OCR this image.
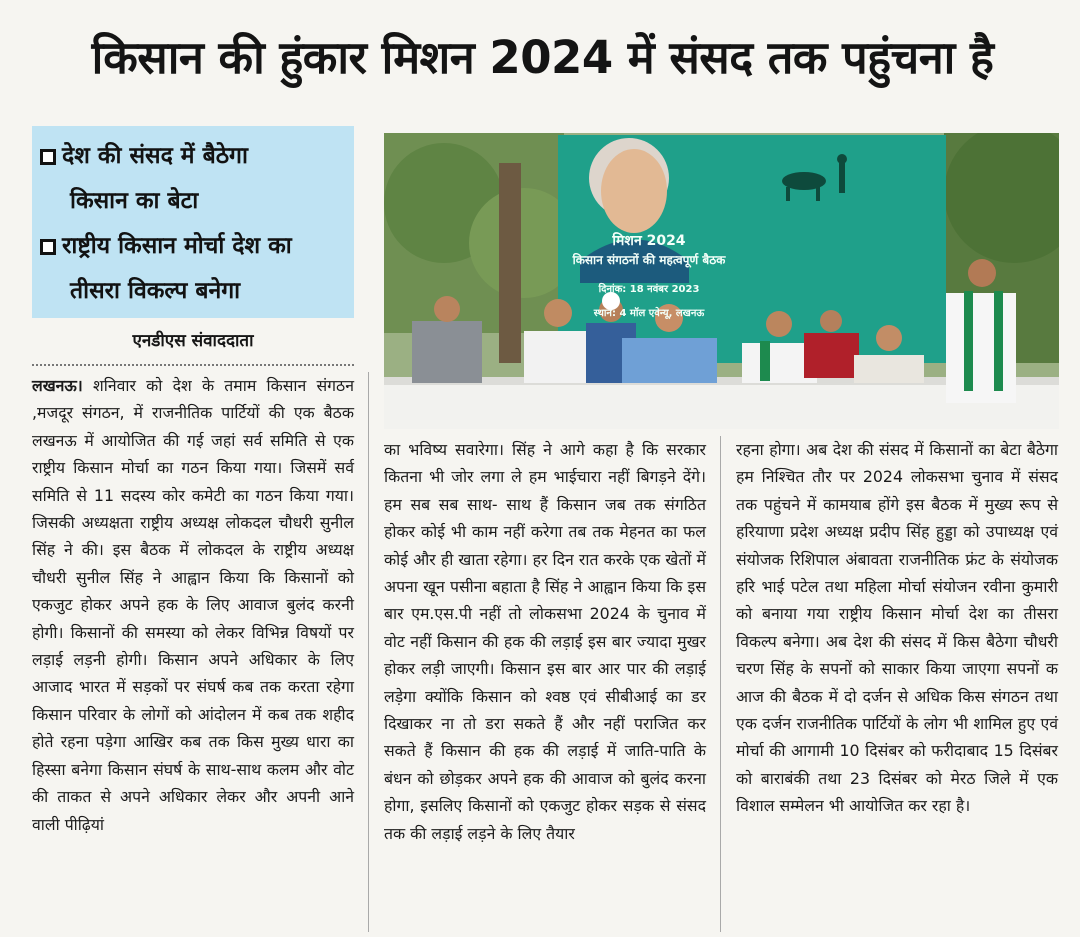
किसान की हुंकार मिशन 2024 में संसद तक पहुंचना है
देश की संसद में बैठेगा
किसान का बेटा
राष्ट्रीय किसान मोर्चा देश का
तीसरा विकल्प बनेगा
एनडीएस संवाददाता
मिशन 2024
किसान संगठनों की महत्वपूर्ण बैठक
दिनांक: 18 नवंबर 2023
स्थान: 4 मॉल एवेन्यू, लखनऊ

लखनऊ। शनिवार को देश के तमाम किसान संगठन ,मजदूर संगठन, में राजनीतिक पार्टियों की एक बैठक लखनऊ में आयोजित की गई जहां सर्व समिति से एक राष्ट्रीय किसान मोर्चा का गठन किया गया। जिसमें सर्व समिति से 11 सदस्य कोर कमेटी का गठन किया गया। जिसकी अध्यक्षता राष्ट्रीय अध्यक्ष लोकदल चौधरी सुनील सिंह ने की। इस बैठक में लोकदल के राष्ट्रीय अध्यक्ष चौधरी सुनील सिंह ने आह्वान किया कि किसानों को एकजुट होकर अपने हक के लिए आवाज बुलंद करनी होगी। किसानों की समस्या को लेकर विभिन्न विषयों पर लड़ाई लड़नी होगी। किसान अपने अधिकार के लिए आजाद भारत में सड़कों पर संघर्ष कब तक करता रहेगा किसान परिवार के लोगों को आंदोलन में कब तक शहीद होते रहना पड़ेगा आखिर कब तक किस मुख्य धारा का हिस्सा बनेगा किसान संघर्ष के साथ-साथ कलम और वोट की ताकत से अपने अधिकार लेकर और अपनी आने वाली पीढ़ियां

का भविष्य सवारेगा। सिंह ने आगे कहा है कि सरकार कितना भी जोर लगा ले हम भाईचारा नहीं बिगड़ने देंगे। हम सब सब साथ- साथ हैं किसान जब तक संगठित होकर कोई भी काम नहीं करेगा तब तक मेहनत का फल कोई और ही खाता रहेगा। हर दिन रात करके एक खेतों में अपना खून पसीना बहाता है सिंह ने आह्वान किया कि इस बार एम.एस.पी नहीं तो लोकसभा 2024 के चुनाव में वोट नहीं किसान की हक की लड़ाई इस बार ज्यादा मुखर होकर लड़ी जाएगी। किसान इस बार आर पार की लड़ाई लड़ेगा क्योंकि किसान को श्वष्ठ एवं सीबीआई का डर दिखाकर ना तो डरा सकते हैं और नहीं पराजित कर सकते हैं किसान की हक की लड़ाई में जाति-पाति के बंधन को छोड़कर अपने हक की आवाज को बुलंद करना होगा, इसलिए किसानों को एकजुट होकर सड़क से संसद तक की लड़ाई लड़ने के लिए तैयार

रहना होगा। अब देश की संसद में किसानों का बेटा बैठेगा हम निश्चित तौर पर 2024 लोकसभा चुनाव में संसद तक पहुंचने में कामयाब होंगे इस बैठक में मुख्य रूप से हरियाणा प्रदेश अध्यक्ष प्रदीप सिंह हुड्डा को उपाध्यक्ष एवं संयोजक रिशिपाल अंबावता राजनीतिक फ्रंट के संयोजक हरि भाई पटेल तथा महिला मोर्चा संयोजन रवीना कुमारी को बनाया गया राष्ट्रीय किसान मोर्चा देश का तीसरा विकल्प बनेगा। अब देश की संसद में किस बैठेगा चौधरी चरण सिंह के सपनों को साकार किया जाएगा सपनों क आज की बैठक में दो दर्जन से अधिक किस संगठन तथा एक दर्जन राजनीतिक पार्टियों के लोग भी शामिल हुए एवं मोर्चा की आगामी 10 दिसंबर को फरीदाबाद 15 दिसंबर को बाराबंकी तथा 23 दिसंबर को मेरठ जिले में एक विशाल सम्मेलन भी आयोजित कर रहा है।
